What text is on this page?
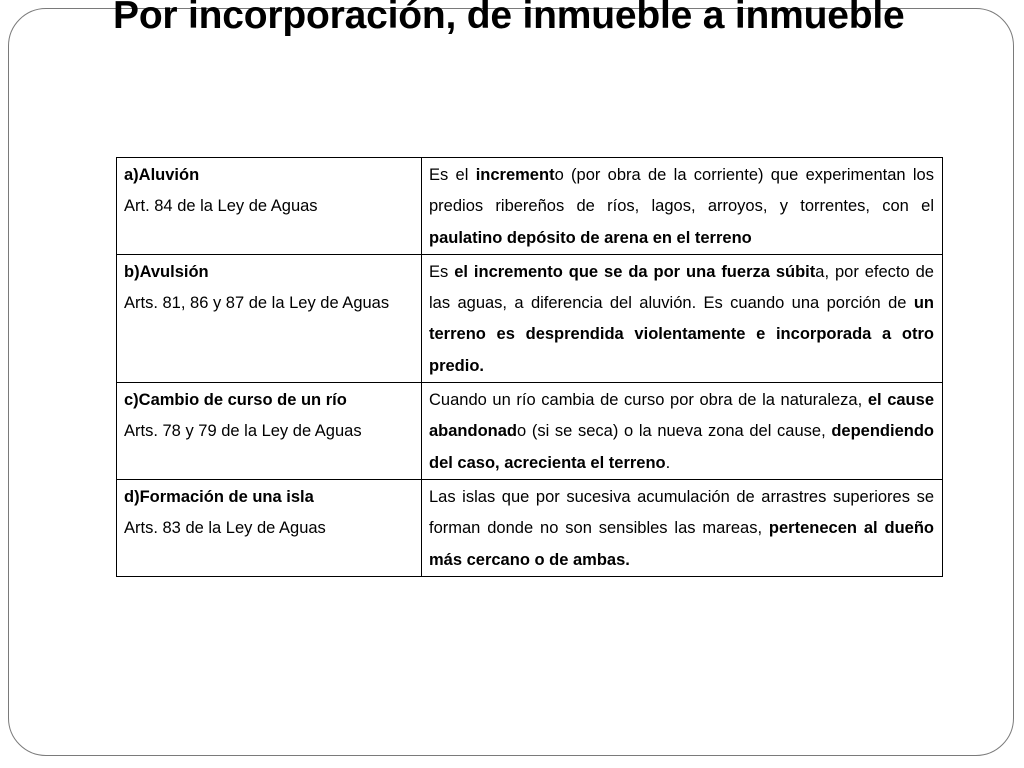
Por incorporación, de inmueble a inmueble
a)Aluvión
Art. 84 de la Ley de Aguas	Es el incremento (por obra de la corriente) que experimentan los predios ribereños de ríos, lagos, arroyos, y torrentes, con el paulatino depósito de arena en el terreno

b)Avulsión
Arts. 81, 86 y 87 de la Ley de Aguas	Es el incremento que se da por una fuerza súbita, por efecto de las aguas, a diferencia del aluvión. Es cuando una porción de un terreno es desprendida violentamente e incorporada a otro predio.

c)Cambio de curso de un río
Arts. 78 y 79 de la Ley de Aguas	Cuando un río cambia de curso por obra de la naturaleza, el cause abandonado (si se seca) o la nueva zona del cause, dependiendo del caso, acrecienta el terreno.

d)Formación de una isla
Arts. 83 de la Ley de Aguas	Las islas que por sucesiva acumulación de arrastres superiores se forman donde no son sensibles las mareas, pertenecen al dueño más cercano o de ambas.
